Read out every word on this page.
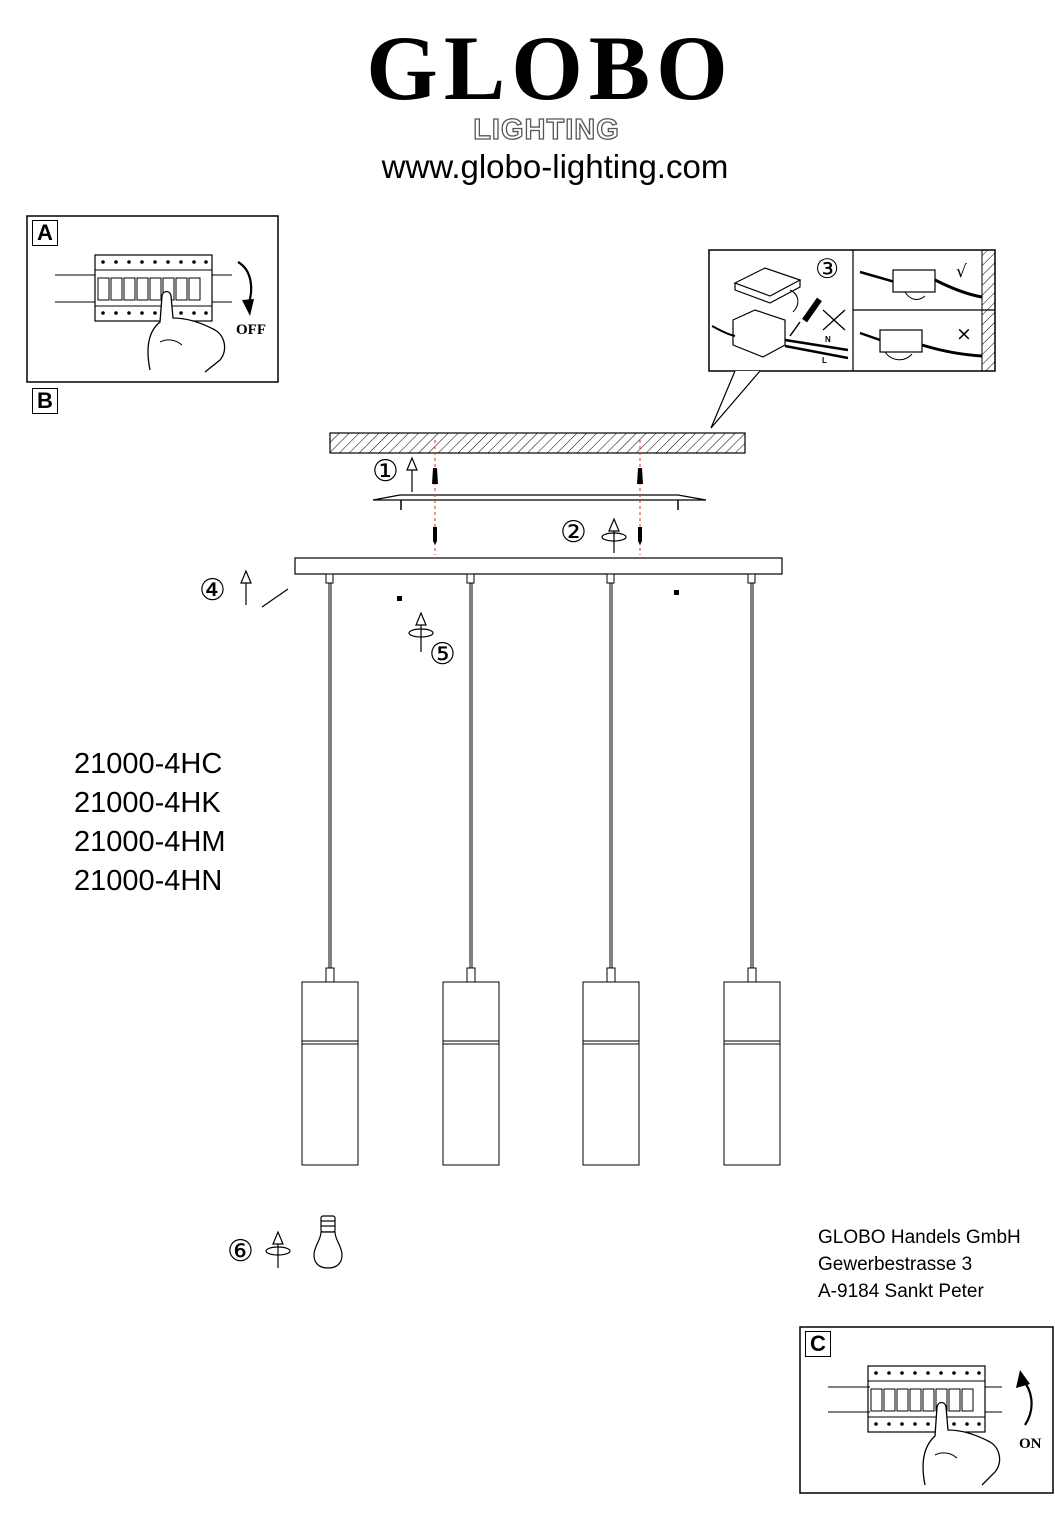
GLOBO
LIGHTING
www.globo-lighting.com
A
B
C
OFF
ON
③	√
×
N
L
①
②
④
⑤
⑥
21000-4HC
21000-4HK
21000-4HM
21000-4HN
GLOBO Handels GmbH
Gewerbestrasse 3
A-9184 Sankt Peter
